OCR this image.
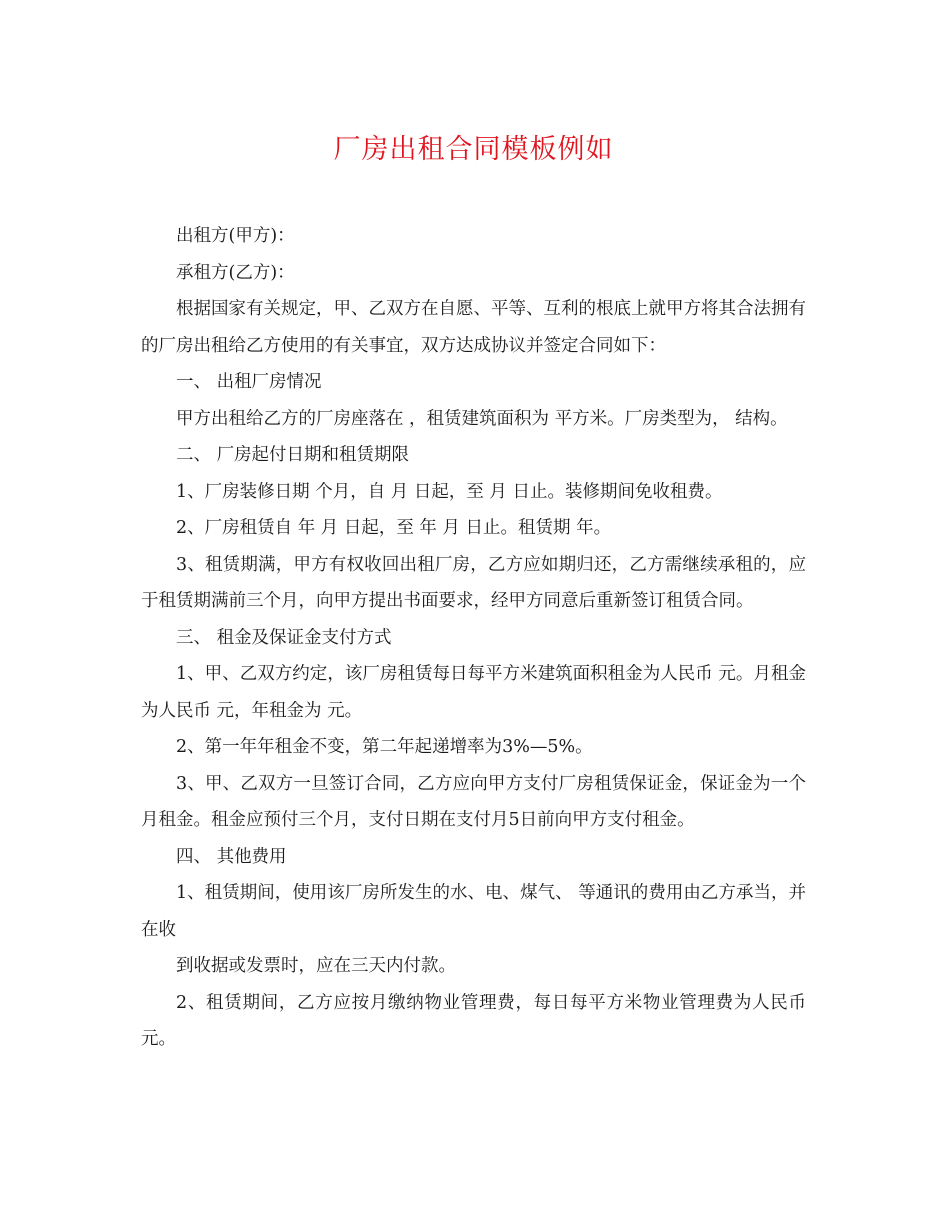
厂房出租合同模板例如

出租方(甲方)：

承租方(乙方)：

根据国家有关规定，甲、乙双方在自愿、平等、互利的根底上就甲方将其合法拥有的厂房出租给乙方使用的有关事宜，双方达成协议并签定合同如下：

一、 出租厂房情况

甲方出租给乙方的厂房座落在 ，租赁建筑面积为 平方米。厂房类型为， 结构。

二、 厂房起付日期和租赁期限

1、厂房装修日期 个月，自 月 日起，至 月 日止。装修期间免收租费。

2、厂房租赁自 年 月 日起，至 年 月 日止。租赁期 年。

3、租赁期满，甲方有权收回出租厂房，乙方应如期归还，乙方需继续承租的，应于租赁期满前三个月，向甲方提出书面要求，经甲方同意后重新签订租赁合同。

三、 租金及保证金支付方式

1、甲、乙双方约定，该厂房租赁每日每平方米建筑面积租金为人民币 元。月租金为人民币 元，年租金为 元。

2、第一年年租金不变，第二年起递增率为3%—5%。

3、甲、乙双方一旦签订合同，乙方应向甲方支付厂房租赁保证金，保证金为一个月租金。租金应预付三个月，支付日期在支付月5日前向甲方支付租金。

四、 其他费用

1、租赁期间，使用该厂房所发生的水、电、煤气、 等通讯的费用由乙方承当，并在收

到收据或发票时，应在三天内付款。

2、租赁期间，乙方应按月缴纳物业管理费，每日每平方米物业管理费为人民币 元。
